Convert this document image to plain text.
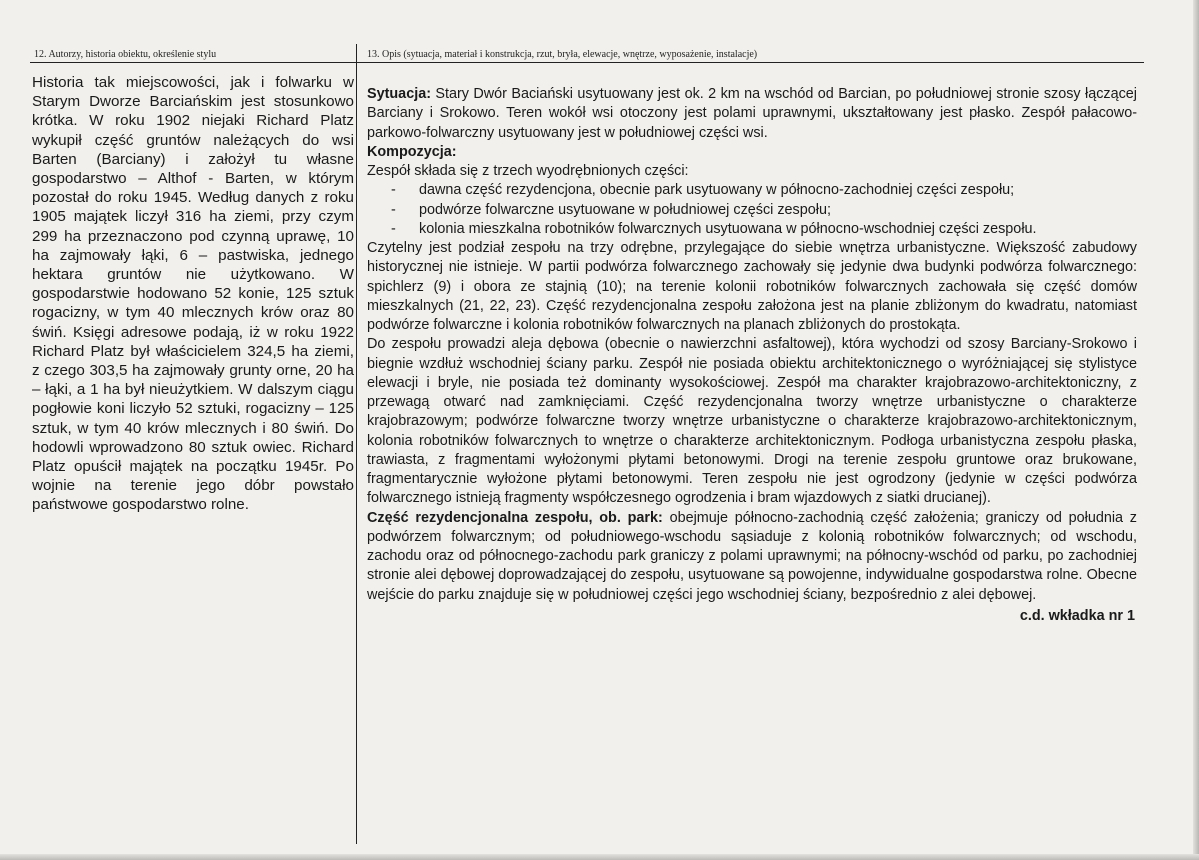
12. Autorzy, historia obiektu, określenie stylu	13. Opis (sytuacja, materiał i konstrukcja, rzut, bryła, elewacje, wnętrze, wyposażenie, instalacje)

Historia tak miejscowości, jak i folwarku w Starym Dworze Barciańskim jest stosunkowo krótka. W roku 1902 niejaki Richard Platz wykupił część gruntów należących do wsi Barten (Barciany) i założył tu własne gospodarstwo – Althof - Barten, w którym pozostał do roku 1945. Według danych z roku 1905 majątek liczył 316 ha ziemi, przy czym 299 ha przeznaczono pod czynną uprawę, 10 ha zajmowały łąki, 6 – pastwiska, jednego hektara gruntów nie użytkowano. W gospodarstwie hodowano 52 konie, 125 sztuk rogacizny, w tym 40 mlecznych krów oraz 80 świń. Księgi adresowe podają, iż w roku 1922 Richard Platz był właścicielem 324,5 ha ziemi, z czego 303,5 ha zajmowały grunty orne, 20 ha – łąki, a 1 ha był nieużytkiem. W dalszym ciągu pogłowie koni liczyło 52 sztuki, rogacizny – 125 sztuk, w tym 40 krów mlecznych i 80 świń. Do hodowli wprowadzono 80 sztuk owiec. Richard Platz opuścił majątek na początku 1945r. Po wojnie na terenie jego dóbr powstało państwowe gospodarstwo rolne.

Sytuacja: Stary Dwór Baciański usytuowany jest ok. 2 km na wschód od Barcian, po południowej stronie szosy łączącej Barciany i Srokowo. Teren wokół wsi otoczony jest polami uprawnymi, ukształtowany jest płasko. Zespół pałacowo-parkowo-folwarczny usytuowany jest w południowej części wsi.

Kompozycja:

Zespół składa się z trzech wyodrębnionych części:

- dawna część rezydencjona, obecnie park usytuowany w północno-zachodniej części zespołu;
- podwórze folwarczne usytuowane w południowej części zespołu;
- kolonia mieszkalna robotników folwarcznych usytuowana w północno-wschodniej części zespołu.

Czytelny jest podział zespołu na trzy odrębne, przylegające do siebie wnętrza urbanistyczne. Większość zabudowy historycznej nie istnieje. W partii podwórza folwarcznego zachowały się jedynie dwa budynki podwórza folwarcznego: spichlerz (9) i obora ze stajnią (10); na terenie kolonii robotników folwarcznych zachowała się część domów mieszkalnych (21, 22, 23). Część rezydencjonalna zespołu założona jest na planie zbliżonym do kwadratu, natomiast podwórze folwarczne i kolonia robotników folwarcznych na planach zbliżonych do prostokąta.

Do zespołu prowadzi aleja dębowa (obecnie o nawierzchni asfaltowej), która wychodzi od szosy Barciany-Srokowo i biegnie wzdłuż wschodniej ściany parku. Zespół nie posiada obiektu architektonicznego o wyróżniającej się stylistyce elewacji i bryle, nie posiada też dominanty wysokościowej. Zespół ma charakter krajobrazowo-architektoniczny, z przewagą otwarć nad zamknięciami. Część rezydencjonalna tworzy wnętrze urbanistyczne o charakterze krajobrazowym; podwórze folwarczne tworzy wnętrze urbanistyczne o charakterze krajobrazowo-architektonicznym, kolonia robotników folwarcznych to wnętrze o charakterze architektonicznym. Podłoga urbanistyczna zespołu płaska, trawiasta, z fragmentami wyłożonymi płytami betonowymi. Drogi na terenie zespołu gruntowe oraz brukowane, fragmentarycznie wyłożone płytami betonowymi. Teren zespołu nie jest ogrodzony (jedynie w części podwórza folwarcznego istnieją fragmenty współczesnego ogrodzenia i bram wjazdowych z siatki drucianej).

Część rezydencjonalna zespołu, ob. park: obejmuje północno-zachodnią część założenia; graniczy od południa z podwórzem folwarcznym; od południowego-wschodu sąsiaduje z kolonią robotników folwarcznych; od wschodu, zachodu oraz od północnego-zachodu park graniczy z polami uprawnymi; na północny-wschód od parku, po zachodniej stronie alei dębowej doprowadzającej do zespołu, usytuowane są powojenne, indywidualne gospodarstwa rolne. Obecne wejście do parku znajduje się w południowej części jego wschodniej ściany, bezpośrednio z alei dębowej.

c.d. wkładka nr 1
